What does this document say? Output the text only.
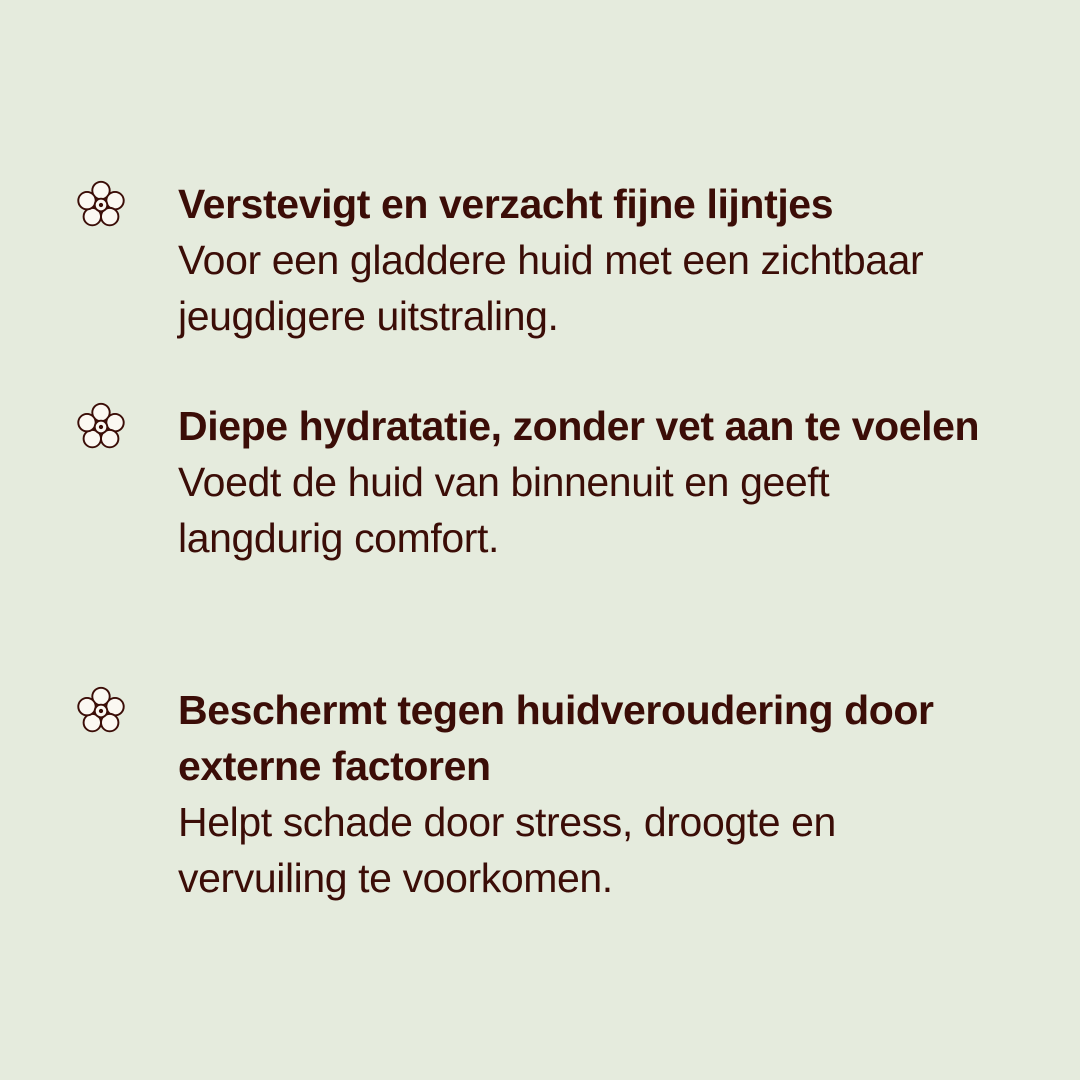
Verstevigt en verzacht fijne lijntjes

Voor een gladdere huid met een zichtbaar jeugdigere uitstraling.

Diepe hydratatie, zonder vet aan te voelen

Voedt de huid van binnenuit en geeft langdurig comfort.

Beschermt tegen huidveroudering door externe factoren

Helpt schade door stress, droogte en vervuiling te voorkomen.
